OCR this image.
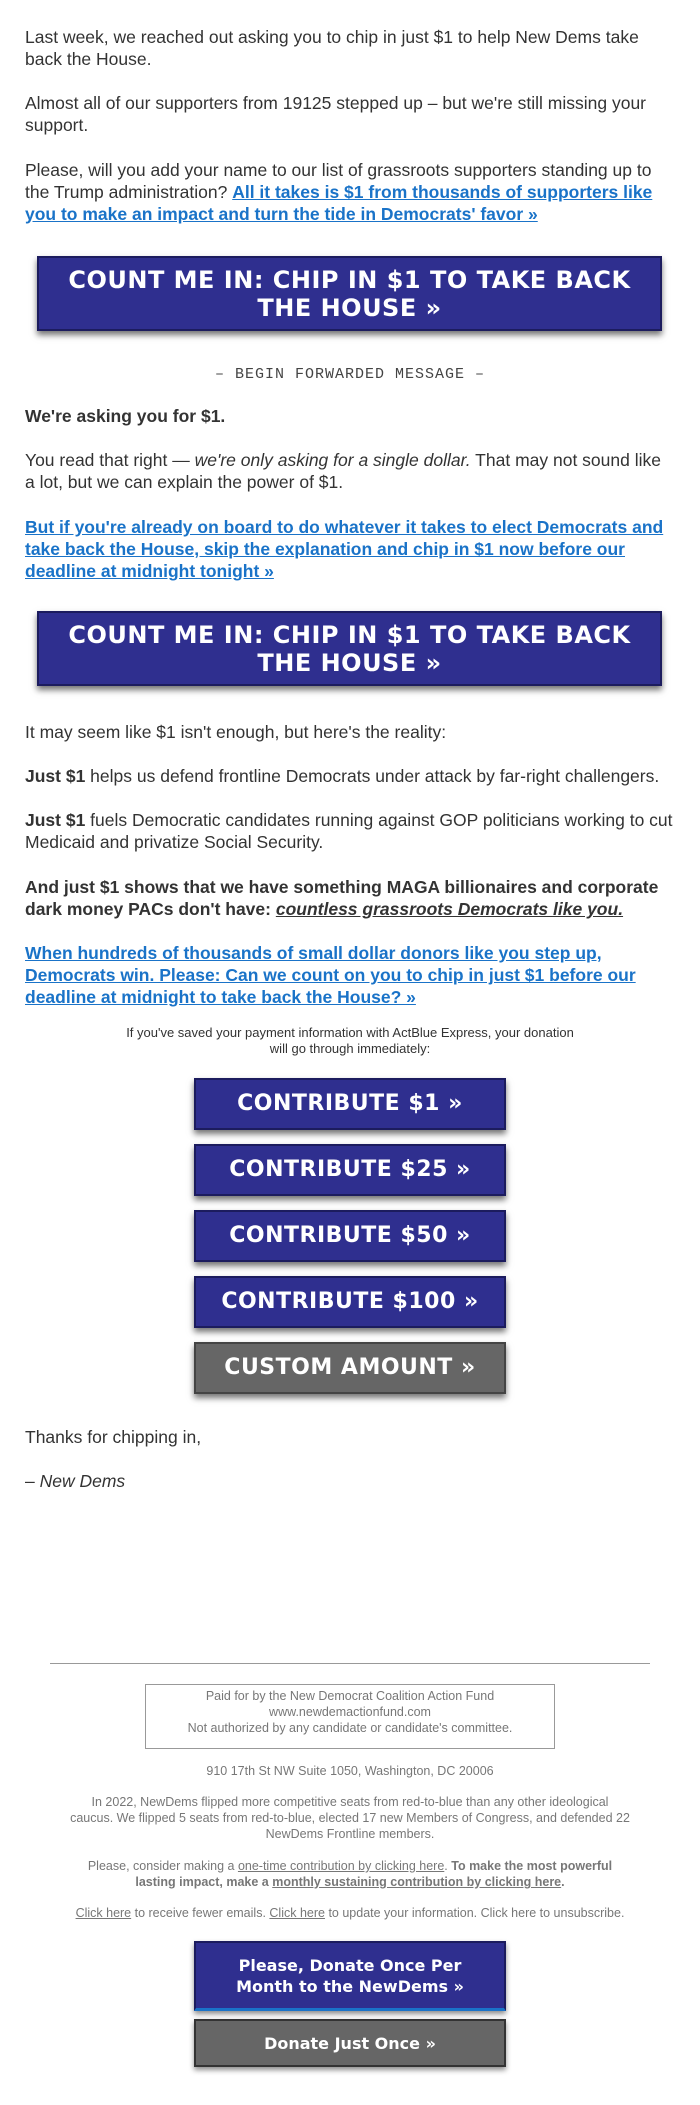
Last week, we reached out asking you to chip in just $1 to help New Dems take back the House.

Almost all of our supporters from 19125 stepped up – but we're still missing your support.

Please, will you add your name to our list of grassroots supporters standing up to the Trump administration? All it takes is $1 from thousands of supporters like you to make an impact and turn the tide in Democrats' favor »

COUNT ME IN: CHIP IN $1 TO TAKE BACK THE HOUSE »
– BEGIN FORWARDED MESSAGE –

We're asking you for $1.

You read that right — we're only asking for a single dollar. That may not sound like a lot, but we can explain the power of $1.

But if you're already on board to do whatever it takes to elect Democrats and take back the House, skip the explanation and chip in $1 now before our deadline at midnight tonight »

COUNT ME IN: CHIP IN $1 TO TAKE BACK THE HOUSE »

It may seem like $1 isn't enough, but here's the reality:

Just $1 helps us defend frontline Democrats under attack by far-right challengers.

Just $1 fuels Democratic candidates running against GOP politicians working to cut Medicaid and privatize Social Security.

And just $1 shows that we have something MAGA billionaires and corporate dark money PACs don't have: countless grassroots Democrats like you.

When hundreds of thousands of small dollar donors like you step up, Democrats win. Please: Can we count on you to chip in just $1 before our deadline at midnight to take back the House? »

If you've saved your payment information with ActBlue Express, your donation will go through immediately:
CONTRIBUTE $1 »
CONTRIBUTE $25 »
CONTRIBUTE $50 »
CONTRIBUTE $100 »
CUSTOM AMOUNT »

Thanks for chipping in,

– New Dems

Paid for by the New Democrat Coalition Action Fund
www.newdemactionfund.com
Not authorized by any candidate or candidate's committee.
910 17th St NW Suite 1050, Washington, DC 20006
In 2022, NewDems flipped more competitive seats from red-to-blue than any other ideological caucus. We flipped 5 seats from red-to-blue, elected 17 new Members of Congress, and defended 22 NewDems Frontline members.
Please, consider making a one-time contribution by clicking here. To make the most powerful lasting impact, make a monthly sustaining contribution by clicking here.
Click here to receive fewer emails. Click here to update your information. Click here to unsubscribe.
Please, Donate Once Per Month to the NewDems »
Donate Just Once »
